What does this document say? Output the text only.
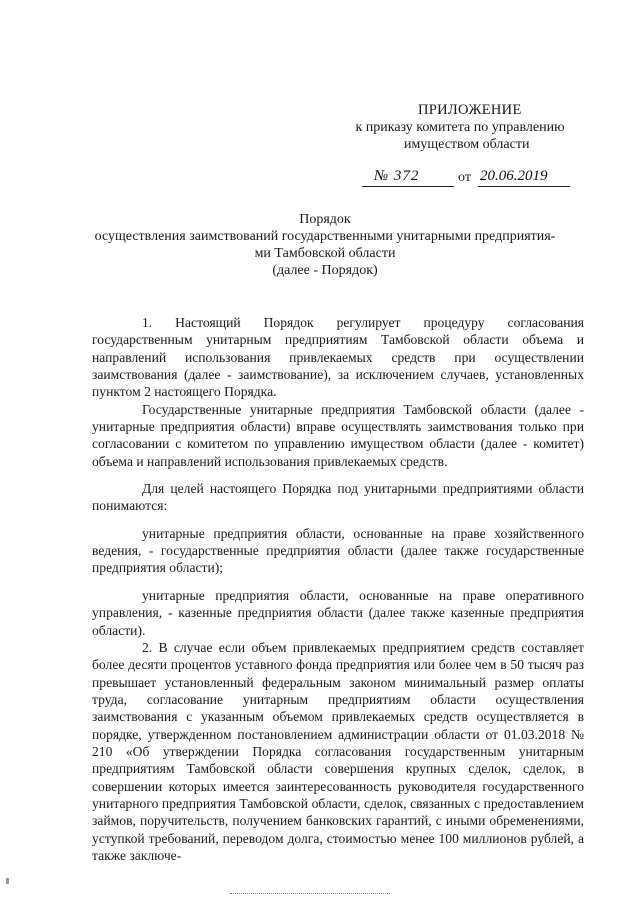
ПРИЛОЖЕНИЕ
к приказу комитета по управлению
имуществом области
№ 372	от 20.06.2019
Порядок
осуществления заимствований государственными унитарными предприятия-
ми Тамбовской области
(далее - Порядок)

1. Настоящий Порядок регулирует процедуру согласования государственным унитарным предприятиям Тамбовской области объема и направлений использования привлекаемых средств при осуществлении заимствования (далее - заимствование), за исключением случаев, установленных пунктом 2 настоящего Порядка.

Государственные унитарные предприятия Тамбовской области (далее - унитарные предприятия области) вправе осуществлять заимствования только при согласовании с комитетом по управлению имуществом области (далее - комитет) объема и направлений использования привлекаемых средств.

Для целей настоящего Порядка под унитарными предприятиями области понимаются:

унитарные предприятия области, основанные на праве хозяйственного ведения, - государственные предприятия области (далее также государственные предприятия области);

унитарные предприятия области, основанные на праве оперативного управления, - казенные предприятия области (далее также казенные предприятия области).

2. В случае если объем привлекаемых предприятием средств составляет более десяти процентов уставного фонда предприятия или более чем в 50 тысяч раз превышает установленный федеральным законом минимальный размер оплаты труда, согласование унитарным предприятиям области осуществления заимствования с указанным объемом привлекаемых средств осуществляется в порядке, утвержденном постановлением администрации области от 01.03.2018 № 210 «Об утверждении Порядка согласования государственным унитарным предприятиям Тамбовской области совершения крупных сделок, сделок, в совершении которых имеется заинтересованность руководителя государственного унитарного предприятия Тамбовской области, сделок, связанных с предоставлением займов, поручительств, получением банковских гарантий, с иными обременениями, уступкой требований, переводом долга, стоимостью менее 100 миллионов рублей, а также заключе-
